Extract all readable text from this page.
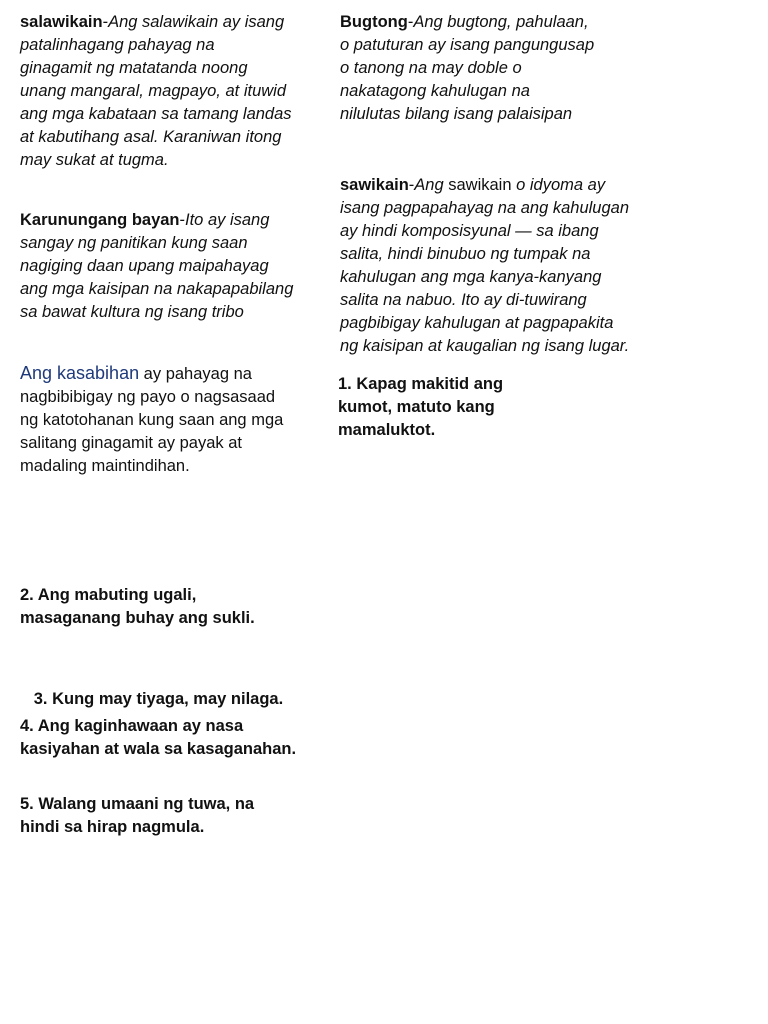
salawikain-Ang salawikain ay isang
patalinhagang pahayag na
ginagamit ng matatanda noong
unang mangaral, magpayo, at ituwid
ang mga kabataan sa tamang landas
at kabutihang asal. Karaniwan itong
may sukat at tugma.
Karunungang bayan-Ito ay isang
sangay ng panitikan kung saan
nagiging daan upang maipahayag
ang mga kaisipan na nakapapabilang
sa bawat kultura ng isang tribo
Ang kasabihan ay pahayag na
nagbibibigay ng payo o nagsasaad
ng katotohanan kung saan ang mga
salitang ginagamit ay payak at
madaling maintindihan.
2. Ang mabuting ugali,
masaganang buhay ang sukli.

3. Kung may tiyaga, may nilaga.

4. Ang kaginhawaan ay nasa
kasiyahan at wala sa kasaganahan.
5. Walang umaani ng tuwa, na
hindi sa hirap nagmula.
Bugtong-Ang bugtong, pahulaan,
o patuturan ay isang pangungusap
o tanong na may doble o
nakatagong kahulugan na
nilulutas bilang isang palaisipan
sawikain-Ang sawikain o idyoma ay
isang pagpapahayag na ang kahulugan
ay hindi komposisyunal — sa ibang
salita, hindi binubuo ng tumpak na
kahulugan ang mga kanya-kanyang
salita na nabuo. Ito ay di-tuwirang
pagbibigay kahulugan at pagpapakita
ng kaisipan at kaugalian ng isang lugar.
1. Kapag makitid ang
kumot, matuto kang
mamaluktot.
